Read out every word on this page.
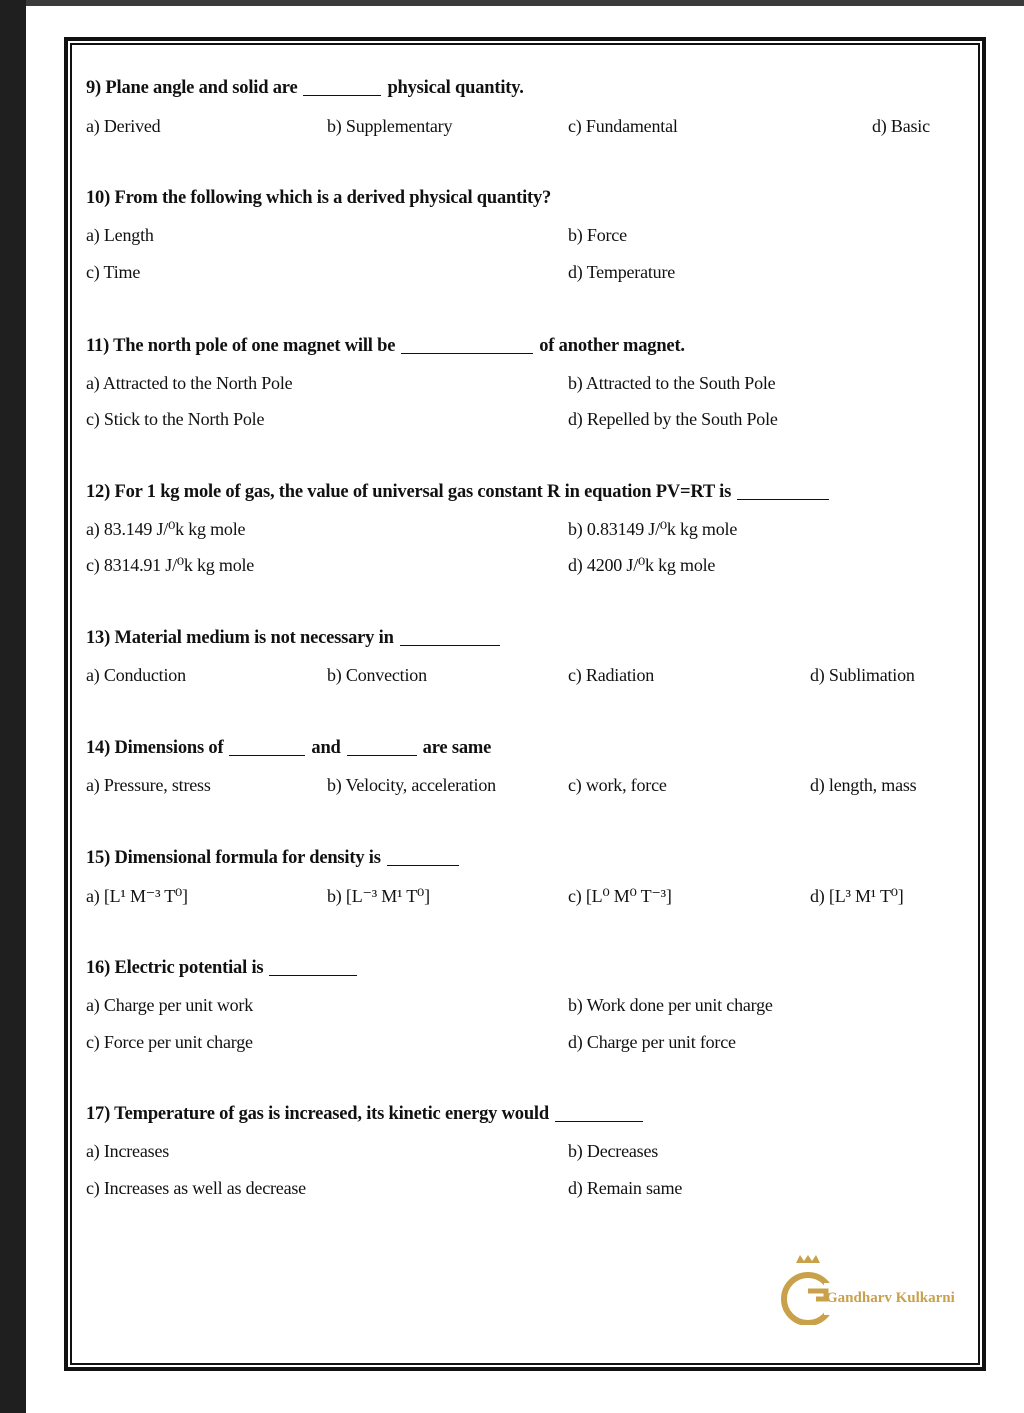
9) Plane angle and solid are	physical quantity.
a) Derived	b) Supplementary	c) Fundamental	d) Basic
10) From the following which is a derived physical quantity?
a) Length	b) Force
c) Time	d) Temperature
11) The north pole of one magnet will be	of another magnet.
a) Attracted to the North Pole	b) Attracted to the South Pole
c) Stick to the North Pole	d) Repelled by the South Pole
12) For 1 kg mole of gas, the value of universal gas constant R in equation PV=RT is
a) 83.149 J/⁰k kg mole	b) 0.83149 J/⁰k kg mole
c) 8314.91 J/⁰k kg mole	d) 4200 J/⁰k kg mole
13) Material medium is not necessary in
a) Conduction	b) Convection	c) Radiation	d) Sublimation
14) Dimensions of	and	are same
a) Pressure, stress	b) Velocity, acceleration	c) work, force	d) length, mass
15) Dimensional formula for density is
a) [L¹ M⁻³ T⁰]	b) [L⁻³ M¹ T⁰]	c) [L⁰ M⁰ T⁻³]	d) [L³ M¹ T⁰]
16) Electric potential is
a) Charge per unit work	b) Work done per unit charge
c) Force per unit charge	d) Charge per unit force
17) Temperature of gas is increased, its kinetic energy would
a) Increases	b) Decreases
c) Increases as well as decrease	d) Remain same
Gandharv Kulkarni
